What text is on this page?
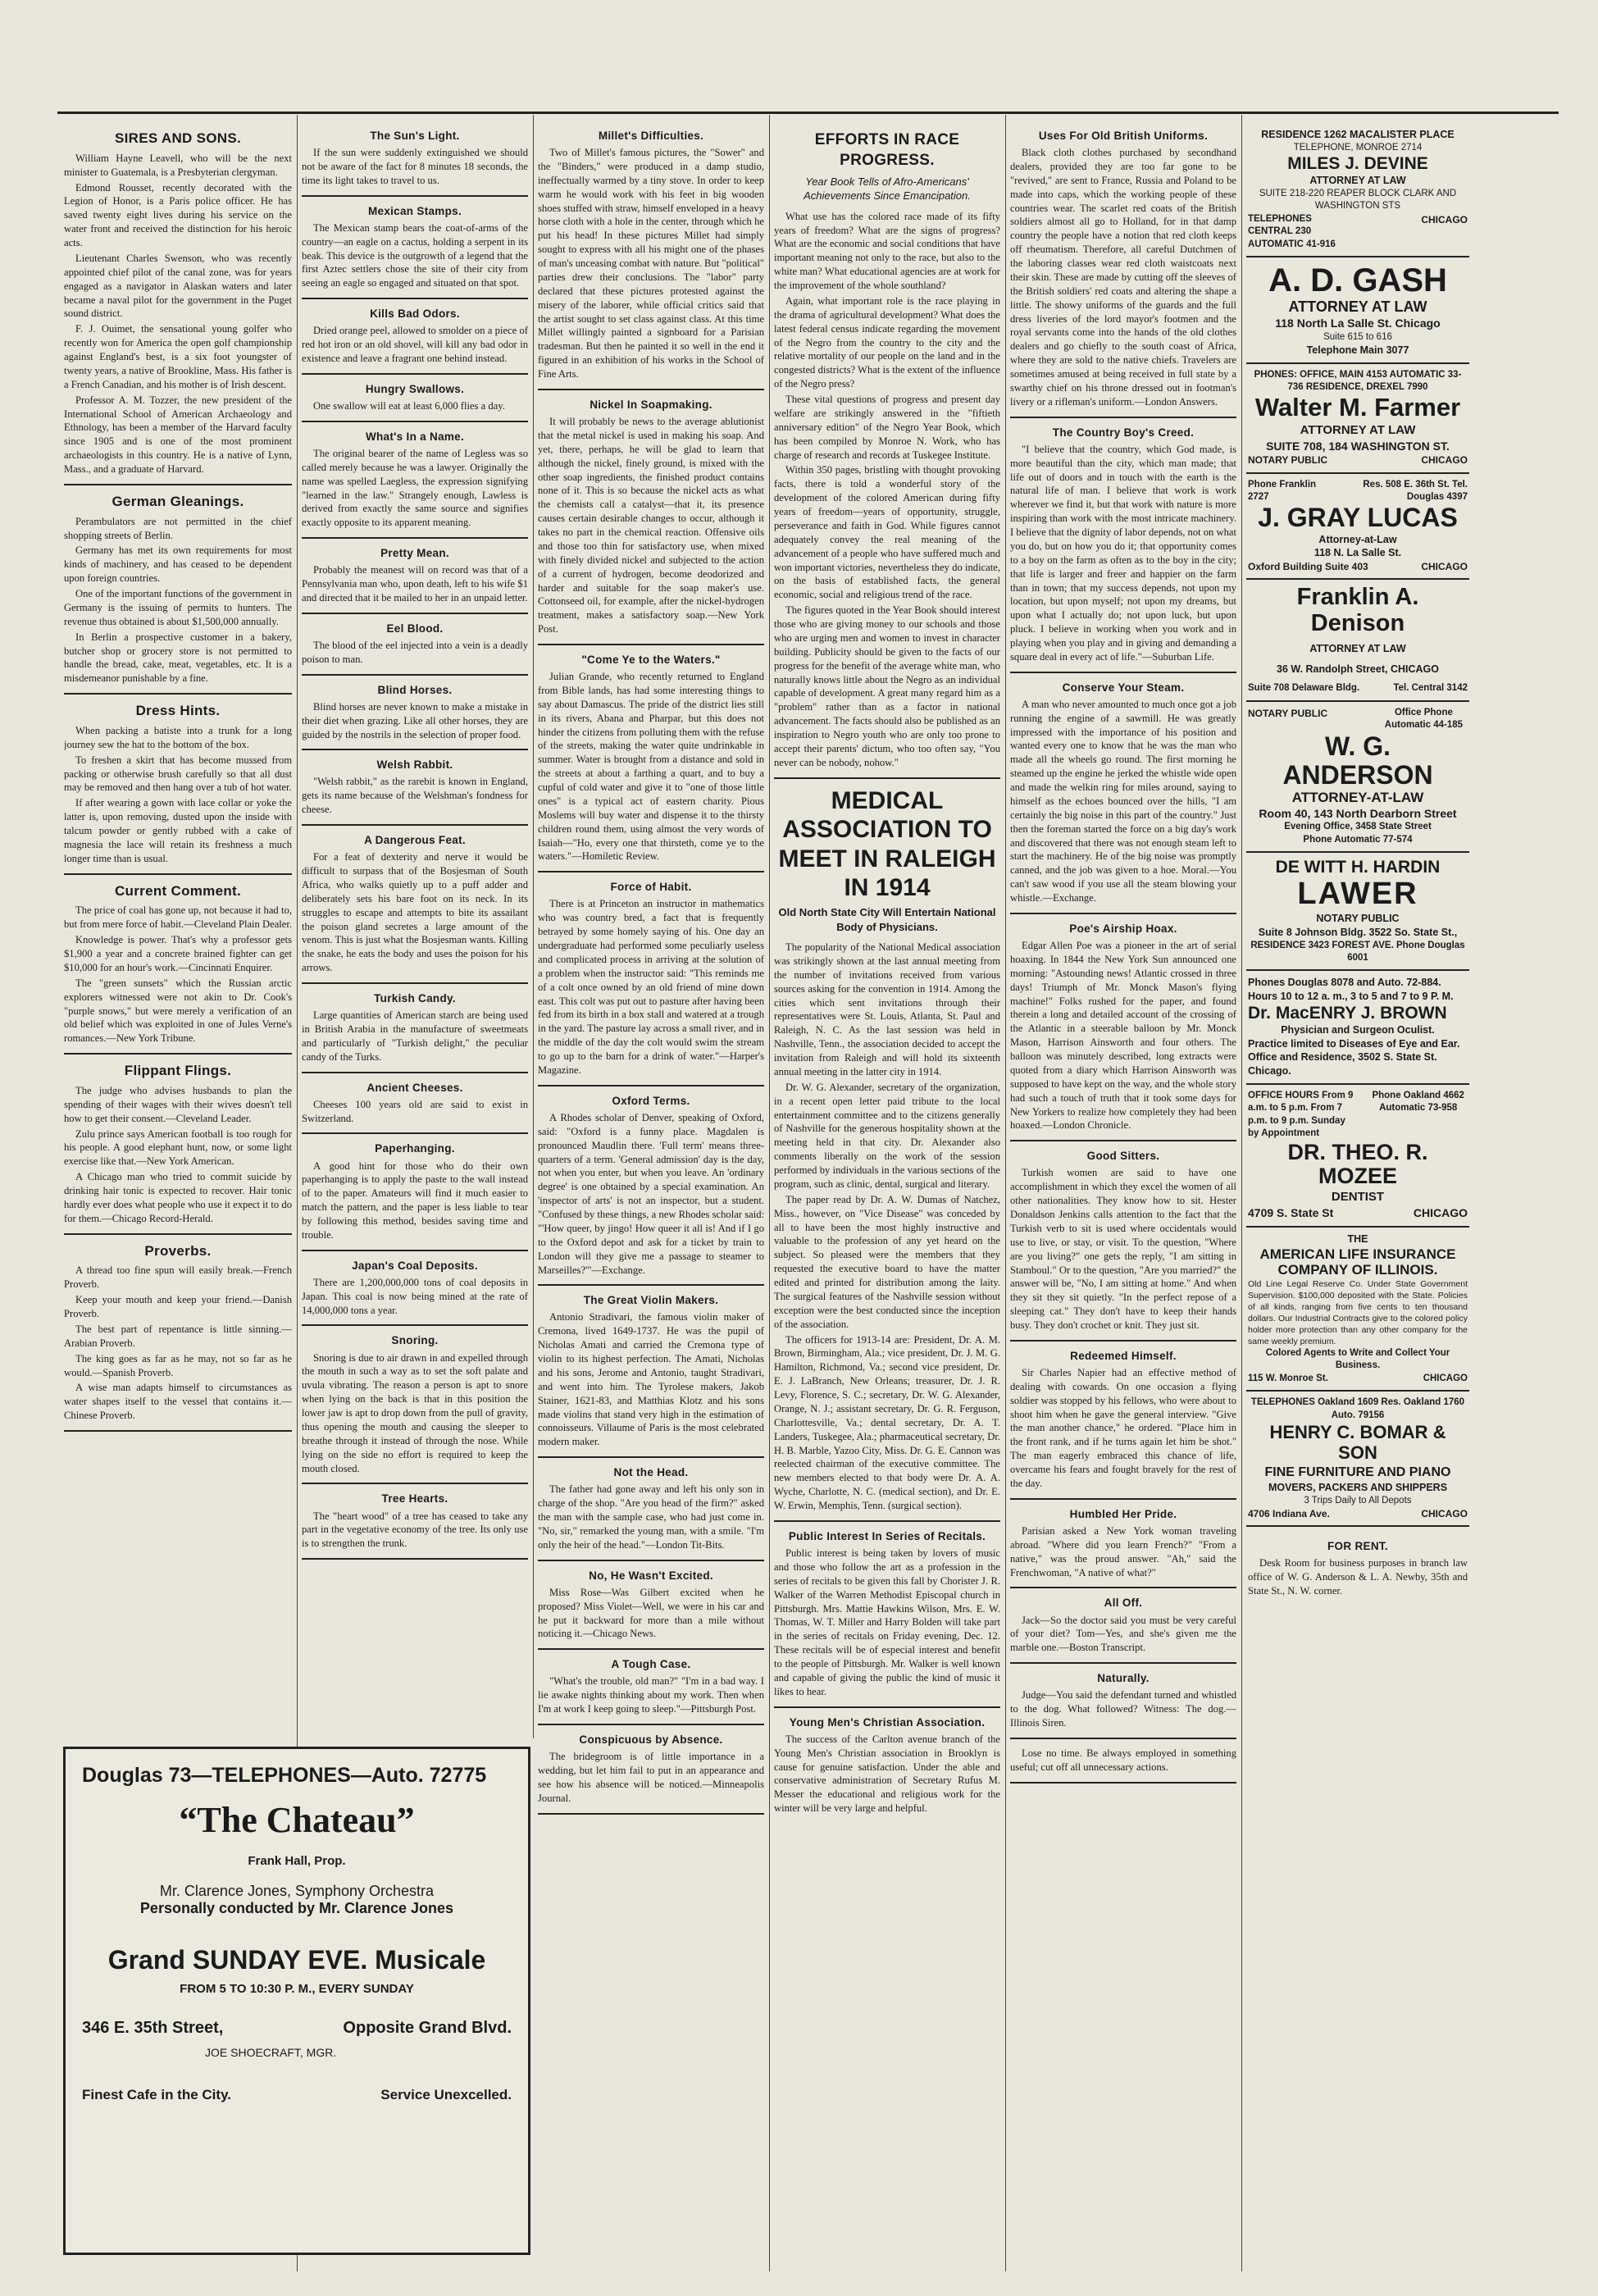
SIRES AND SONS.
William Hayne Leavell, who will be the next minister to Guatemala, is a Presbyterian clergyman.
Edmond Rousset, recently decorated with the Legion of Honor, is a Paris police officer. He has saved twenty eight lives during his service on the water front and received the distinction for his heroic acts.
Lieutenant Charles Swenson, who was recently appointed chief pilot of the canal zone, was for years engaged as a navigator in Alaskan waters and later became a naval pilot for the government in the Puget sound district.
F. J. Ouimet, the sensational young golfer who recently won for America the open golf championship against England's best, is a six foot youngster of twenty years, a native of Brookline, Mass. His father is a French Canadian, and his mother is of Irish descent.
Professor A. M. Tozzer, the new president of the International School of American Archaeology and Ethnology, has been a member of the Harvard faculty since 1905 and is one of the most prominent archaeologists in this country. He is a native of Lynn, Mass., and a graduate of Harvard.
German Gleanings.
Perambulators are not permitted in the chief shopping streets of Berlin.
Germany has met its own requirements for most kinds of machinery, and has ceased to be dependent upon foreign countries.
One of the important functions of the government in Germany is the issuing of permits to hunters. The revenue thus obtained is about $1,500,000 annually.
In Berlin a prospective customer in a bakery, butcher shop or grocery store is not permitted to handle the bread, cake, meat, vegetables, etc. It is a misdemeanor punishable by a fine.
Dress Hints.
When packing a batiste into a trunk for a long journey sew the hat to the bottom of the box.
To freshen a skirt that has become mussed from packing or otherwise brush carefully so that all dust may be removed and then hang over a tub of hot water.
If after wearing a gown with lace collar or yoke the latter is, upon removing, dusted upon the inside with talcum powder or gently rubbed with a cake of magnesia the lace will retain its freshness a much longer time than is usual.
Current Comment.
The price of coal has gone up, not because it had to, but from mere force of habit.—Cleveland Plain Dealer.
Knowledge is power. That's why a professor gets $1,900 a year and a concrete brained fighter can get $10,000 for an hour's work.—Cincinnati Enquirer.
The "green sunsets" which the Russian arctic explorers witnessed were not akin to Dr. Cook's "purple snows," but were merely a verification of an old belief which was exploited in one of Jules Verne's romances.—New York Tribune.
Flippant Flings.
The judge who advises husbands to plan the spending of their wages with their wives doesn't tell how to get their consent.—Cleveland Leader.
Zulu prince says American football is too rough for his people. A good elephant hunt, now, or some light exercise like that.—New York American.
A Chicago man who tried to commit suicide by drinking hair tonic is expected to recover. Hair tonic hardly ever does what people who use it expect it to do for them.—Chicago Record-Herald.
Proverbs.
A thread too fine spun will easily break.—French Proverb.
Keep your mouth and keep your friend.—Danish Proverb.
The best part of repentance is little sinning.—Arabian Proverb.
The king goes as far as he may, not so far as he would.—Spanish Proverb.
A wise man adapts himself to circumstances as water shapes itself to the vessel that contains it.—Chinese Proverb.
Douglas 73—TELEPHONES—Auto. 72775
“The Chateau”
Frank Hall, Prop.
Mr. Clarence Jones, Symphony Orchestra
Personally conducted by Mr. Clarence Jones
Grand SUNDAY EVE. Musicale
FROM 5 TO 10:30 P. M., EVERY SUNDAY
346 E. 35th Street,	Opposite Grand Blvd.
JOE SHOECRAFT, MGR.
Finest Cafe in the City.	Service Unexcelled.
The Sun's Light.
If the sun were suddenly extinguished we should not be aware of the fact for 8 minutes 18 seconds, the time its light takes to travel to us.
Mexican Stamps.
The Mexican stamp bears the coat-of-arms of the country—an eagle on a cactus, holding a serpent in its beak. This device is the outgrowth of a legend that the first Aztec settlers chose the site of their city from seeing an eagle so engaged and situated on that spot.
Kills Bad Odors.
Dried orange peel, allowed to smolder on a piece of red hot iron or an old shovel, will kill any bad odor in existence and leave a fragrant one behind instead.
Hungry Swallows.
One swallow will eat at least 6,000 flies a day.
What's In a Name.
The original bearer of the name of Legless was so called merely because he was a lawyer. Originally the name was spelled Laegless, the expression signifying "learned in the law." Strangely enough, Lawless is derived from exactly the same source and signifies exactly opposite to its apparent meaning.
Pretty Mean.
Probably the meanest will on record was that of a Pennsylvania man who, upon death, left to his wife $1 and directed that it be mailed to her in an unpaid letter.
Eel Blood.
The blood of the eel injected into a vein is a deadly poison to man.
Blind Horses.
Blind horses are never known to make a mistake in their diet when grazing. Like all other horses, they are guided by the nostrils in the selection of proper food.
Welsh Rabbit.
"Welsh rabbit," as the rarebit is known in England, gets its name because of the Welshman's fondness for cheese.
A Dangerous Feat.
For a feat of dexterity and nerve it would be difficult to surpass that of the Bosjesman of South Africa, who walks quietly up to a puff adder and deliberately sets his bare foot on its neck. In its struggles to escape and attempts to bite its assailant the poison gland secretes a large amount of the venom. This is just what the Bosjesman wants. Killing the snake, he eats the body and uses the poison for his arrows.
Turkish Candy.
Large quantities of American starch are being used in British Arabia in the manufacture of sweetmeats and particularly of "Turkish delight," the peculiar candy of the Turks.
Ancient Cheeses.
Cheeses 100 years old are said to exist in Switzerland.
Paperhanging.
A good hint for those who do their own paperhanging is to apply the paste to the wall instead of to the paper. Amateurs will find it much easier to match the pattern, and the paper is less liable to tear by following this method, besides saving time and trouble.
Japan's Coal Deposits.
There are 1,200,000,000 tons of coal deposits in Japan. This coal is now being mined at the rate of 14,000,000 tons a year.
Snoring.
Snoring is due to air drawn in and expelled through the mouth in such a way as to set the soft palate and uvula vibrating. The reason a person is apt to snore when lying on the back is that in this position the lower jaw is apt to drop down from the pull of gravity, thus opening the mouth and causing the sleeper to breathe through it instead of through the nose. While lying on the side no effort is required to keep the mouth closed.
Tree Hearts.
The "heart wood" of a tree has ceased to take any part in the vegetative economy of the tree. Its only use is to strengthen the trunk.
Millet's Difficulties.
Two of Millet's famous pictures, the "Sower" and the "Binders," were produced in a damp studio, ineffectually warmed by a tiny stove. In order to keep warm he would work with his feet in big wooden shoes stuffed with straw, himself enveloped in a heavy horse cloth with a hole in the center, through which he put his head! In these pictures Millet had simply sought to express with all his might one of the phases of man's unceasing combat with nature. But "political" parties drew their conclusions. The "labor" party declared that these pictures protested against the misery of the laborer, while official critics said that the artist sought to set class against class. At this time Millet willingly painted a signboard for a Parisian tradesman. But then he painted it so well in the end it figured in an exhibition of his works in the School of Fine Arts.
Nickel In Soapmaking.
It will probably be news to the average ablutionist that the metal nickel is used in making his soap. And yet, there, perhaps, he will be glad to learn that although the nickel, finely ground, is mixed with the other soap ingredients, the finished product contains none of it. This is so because the nickel acts as what the chemists call a catalyst—that it, its presence causes certain desirable changes to occur, although it takes no part in the chemical reaction. Offensive oils and those too thin for satisfactory use, when mixed with finely divided nickel and subjected to the action of a current of hydrogen, become deodorized and harder and suitable for the soap maker's use. Cottonseed oil, for example, after the nickel-hydrogen treatment, makes a satisfactory soap.—New York Post.
"Come Ye to the Waters."
Julian Grande, who recently returned to England from Bible lands, has had some interesting things to say about Damascus. The pride of the district lies still in its rivers, Abana and Pharpar, but this does not hinder the citizens from polluting them with the refuse of the streets, making the water quite undrinkable in summer. Water is brought from a distance and sold in the streets at about a farthing a quart, and to buy a cupful of cold water and give it to "one of those little ones" is a typical act of eastern charity. Pious Moslems will buy water and dispense it to the thirsty children round them, using almost the very words of Isaiah—"Ho, every one that thirsteth, come ye to the waters."—Homiletic Review.
Force of Habit.
There is at Princeton an instructor in mathematics who was country bred, a fact that is frequently betrayed by some homely saying of his. One day an undergraduate had performed some peculiarly useless and complicated process in arriving at the solution of a problem when the instructor said: "This reminds me of a colt once owned by an old friend of mine down east. This colt was put out to pasture after having been fed from its birth in a box stall and watered at a trough in the yard. The pasture lay across a small river, and in the middle of the day the colt would swim the stream to go up to the barn for a drink of water."—Harper's Magazine.
Oxford Terms.
A Rhodes scholar of Denver, speaking of Oxford, said: "Oxford is a funny place. Magdalen is pronounced Maudlin there. 'Full term' means three-quarters of a term. 'General admission' day is the day, not when you enter, but when you leave. An 'ordinary degree' is one obtained by a special examination. An 'inspector of arts' is not an inspector, but a student. "Confused by these things, a new Rhodes scholar said: "'How queer, by jingo! How queer it all is! And if I go to the Oxford depot and ask for a ticket by train to London will they give me a passage to steamer to Marseilles?'"—Exchange.
The Great Violin Makers.
Antonio Stradivari, the famous violin maker of Cremona, lived 1649-1737. He was the pupil of Nicholas Amati and carried the Cremona type of violin to its highest perfection. The Amati, Nicholas and his sons, Jerome and Antonio, taught Stradivari, and went into him. The Tyrolese makers, Jakob Stainer, 1621-83, and Matthias Klotz and his sons made violins that stand very high in the estimation of connoisseurs. Villaume of Paris is the most celebrated modern maker.
Not the Head.
The father had gone away and left his only son in charge of the shop. "Are you head of the firm?" asked the man with the sample case, who had just come in. "No, sir," remarked the young man, with a smile. "I'm only the heir of the head."—London Tit-Bits.
No, He Wasn't Excited.
Miss Rose—Was Gilbert excited when he proposed? Miss Violet—Well, we were in his car and he put it backward for more than a mile without noticing it.—Chicago News.
A Tough Case.
"What's the trouble, old man?" "I'm in a bad way. I lie awake nights thinking about my work. Then when I'm at work I keep going to sleep."—Pittsburgh Post.
Conspicuous by Absence.
The bridegroom is of little importance in a wedding, but let him fail to put in an appearance and see how his absence will be noticed.—Minneapolis Journal.
EFFORTS IN RACE PROGRESS.
Year Book Tells of Afro-Americans' Achievements Since Emancipation.
What use has the colored race made of its fifty years of freedom? What are the signs of progress? What are the economic and social conditions that have important meaning not only to the race, but also to the white man? What educational agencies are at work for the improvement of the whole southland?
Again, what important role is the race playing in the drama of agricultural development? What does the latest federal census indicate regarding the movement of the Negro from the country to the city and the relative mortality of our people on the land and in the congested districts? What is the extent of the influence of the Negro press?
These vital questions of progress and present day welfare are strikingly answered in the "fiftieth anniversary edition" of the Negro Year Book, which has been compiled by Monroe N. Work, who has charge of research and records at Tuskegee Institute.
Within 350 pages, bristling with thought provoking facts, there is told a wonderful story of the development of the colored American during fifty years of freedom—years of opportunity, struggle, perseverance and faith in God. While figures cannot adequately convey the real meaning of the advancement of a people who have suffered much and won important victories, nevertheless they do indicate, on the basis of established facts, the general economic, social and religious trend of the race.
The figures quoted in the Year Book should interest those who are giving money to our schools and those who are urging men and women to invest in character building. Publicity should be given to the facts of our progress for the benefit of the average white man, who naturally knows little about the Negro as an individual capable of development. A great many regard him as a "problem" rather than as a factor in national advancement. The facts should also be published as an inspiration to Negro youth who are only too prone to accept their parents' dictum, who too often say, "You never can be nobody, nohow."
MEDICAL ASSOCIATION TO MEET IN RALEIGH IN 1914
Old North State City Will Entertain National Body of Physicians.
The popularity of the National Medical association was strikingly shown at the last annual meeting from the number of invitations received from various sources asking for the convention in 1914. Among the cities which sent invitations through their representatives were St. Louis, Atlanta, St. Paul and Raleigh, N. C. As the last session was held in Nashville, Tenn., the association decided to accept the invitation from Raleigh and will hold its sixteenth annual meeting in the latter city in 1914.
Dr. W. G. Alexander, secretary of the organization, in a recent open letter paid tribute to the local entertainment committee and to the citizens generally of Nashville for the generous hospitality shown at the meeting held in that city. Dr. Alexander also comments liberally on the work of the session performed by individuals in the various sections of the program, such as clinic, dental, surgical and literary.
The paper read by Dr. A. W. Dumas of Natchez, Miss., however, on "Vice Disease" was conceded by all to have been the most highly instructive and valuable to the profession of any yet heard on the subject. So pleased were the members that they requested the executive board to have the matter edited and printed for distribution among the laity. The surgical features of the Nashville session without exception were the best conducted since the inception of the association.
The officers for 1913-14 are: President, Dr. A. M. Brown, Birmingham, Ala.; vice president, Dr. J. M. G. Hamilton, Richmond, Va.; second vice president, Dr. E. J. LaBranch, New Orleans; treasurer, Dr. J. R. Levy, Florence, S. C.; secretary, Dr. W. G. Alexander, Orange, N. J.; assistant secretary, Dr. G. R. Ferguson, Charlottesville, Va.; dental secretary, Dr. A. T. Landers, Tuskegee, Ala.; pharmaceutical secretary, Dr. H. B. Marble, Yazoo City, Miss. Dr. G. E. Cannon was reelected chairman of the executive committee. The new members elected to that body were Dr. A. A. Wyche, Charlotte, N. C. (medical section), and Dr. E. W. Erwin, Memphis, Tenn. (surgical section).
Public Interest In Series of Recitals.
Public interest is being taken by lovers of music and those who follow the art as a profession in the series of recitals to be given this fall by Chorister J. R. Walker of the Warren Methodist Episcopal church in Pittsburgh. Mrs. Mattie Hawkins Wilson, Mrs. E. W. Thomas, W. T. Miller and Harry Bolden will take part in the series of recitals on Friday evening, Dec. 12. These recitals will be of especial interest and benefit to the people of Pittsburgh. Mr. Walker is well known and capable of giving the public the kind of music it likes to hear.
Young Men's Christian Association.
The success of the Carlton avenue branch of the Young Men's Christian association in Brooklyn is cause for genuine satisfaction. Under the able and conservative administration of Secretary Rufus M. Messer the educational and religious work for the winter will be very large and helpful.
Uses For Old British Uniforms.
Black cloth clothes purchased by secondhand dealers, provided they are too far gone to be "revived," are sent to France, Russia and Poland to be made into caps, which the working people of these countries wear. The scarlet red coats of the British soldiers almost all go to Holland, for in that damp country the people have a notion that red cloth keeps off rheumatism. Therefore, all careful Dutchmen of the laboring classes wear red cloth waistcoats next their skin. These are made by cutting off the sleeves of the British soldiers' red coats and altering the shape a little. The showy uniforms of the guards and the full dress liveries of the lord mayor's footmen and the royal servants come into the hands of the old clothes dealers and go chiefly to the south coast of Africa, where they are sold to the native chiefs. Travelers are sometimes amused at being received in full state by a swarthy chief on his throne dressed out in footman's livery or a rifleman's uniform.—London Answers.
The Country Boy's Creed.
"I believe that the country, which God made, is more beautiful than the city, which man made; that life out of doors and in touch with the earth is the natural life of man. I believe that work is work wherever we find it, but that work with nature is more inspiring than work with the most intricate machinery. I believe that the dignity of labor depends, not on what you do, but on how you do it; that opportunity comes to a boy on the farm as often as to the boy in the city; that life is larger and freer and happier on the farm than in town; that my success depends, not upon my location, but upon myself; not upon my dreams, but upon what I actually do; not upon luck, but upon pluck. I believe in working when you work and in playing when you play and in giving and demanding a square deal in every act of life."—Suburban Life.
Conserve Your Steam.
A man who never amounted to much once got a job running the engine of a sawmill. He was greatly impressed with the importance of his position and wanted every one to know that he was the man who made all the wheels go round. The first morning he steamed up the engine he jerked the whistle wide open and made the welkin ring for miles around, saying to himself as the echoes bounced over the hills, "I am certainly the big noise in this part of the country." Just then the foreman started the force on a big day's work and discovered that there was not enough steam left to start the machinery. He of the big noise was promptly canned, and the job was given to a hoe. Moral.—You can't saw wood if you use all the steam blowing your whistle.—Exchange.
Poe's Airship Hoax.
Edgar Allen Poe was a pioneer in the art of serial hoaxing. In 1844 the New York Sun announced one morning: "Astounding news! Atlantic crossed in three days! Triumph of Mr. Monck Mason's flying machine!" Folks rushed for the paper, and found therein a long and detailed account of the crossing of the Atlantic in a steerable balloon by Mr. Monck Mason, Harrison Ainsworth and four others. The balloon was minutely described, long extracts were quoted from a diary which Harrison Ainsworth was supposed to have kept on the way, and the whole story had such a touch of truth that it took some days for New Yorkers to realize how completely they had been hoaxed.—London Chronicle.
Good Sitters.
Turkish women are said to have one accomplishment in which they excel the women of all other nationalities. They know how to sit. Hester Donaldson Jenkins calls attention to the fact that the Turkish verb to sit is used where occidentals would use to live, or stay, or visit. To the question, "Where are you living?" one gets the reply, "I am sitting in Stamboul." Or to the question, "Are you married?" the answer will be, "No, I am sitting at home." And when they sit they sit quietly. "In the perfect repose of a sleeping cat." They don't have to keep their hands busy. They don't crochet or knit. They just sit.
Redeemed Himself.
Sir Charles Napier had an effective method of dealing with cowards. On one occasion a flying soldier was stopped by his fellows, who were about to shoot him when he gave the general interview. "Give the man another chance," he ordered. "Place him in the front rank, and if he turns again let him be shot." The man eagerly embraced this chance of life, overcame his fears and fought bravely for the rest of the day.
Humbled Her Pride.
Parisian asked a New York woman traveling abroad. "Where did you learn French?" "From a native," was the proud answer. "Ah," said the Frenchwoman, "A native of what?"
All Off.
Jack—So the doctor said you must be very careful of your diet? Tom—Yes, and she's given me the marble one.—Boston Transcript.
Naturally.
Judge—You said the defendant turned and whistled to the dog. What followed? Witness: The dog.—Illinois Siren.
Lose no time. Be always employed in something useful; cut off all unnecessary actions.
RESIDENCE 1262 MACALISTER PLACE
TELEPHONE, MONROE 2714
MILES J. DEVINE
ATTORNEY AT LAW
SUITE 218-220 REAPER BLOCK CLARK AND WASHINGTON STS
TELEPHONES CENTRAL 230 AUTOMATIC 41-916
CHICAGO
A. D. GASH
ATTORNEY AT LAW
118 North La Salle St. Chicago
Suite 615 to 616
Telephone Main 3077
PHONES: OFFICE, MAIN 4153 AUTOMATIC 33-736 RESIDENCE, DREXEL 7990
Walter M. Farmer
ATTORNEY AT LAW
SUITE 708, 184 WASHINGTON ST.
NOTARY PUBLIC	CHICAGO
Phone Franklin 2727
Res. 508 E. 36th St. Tel. Douglas 4397
J. GRAY LUCAS
Attorney-at-Law
118 N. La Salle St.
Oxford Building Suite 403	CHICAGO
Franklin A. Denison
ATTORNEY AT LAW
36 W. Randolph Street, CHICAGO
Suite 708 Delaware Bldg.	Tel. Central 3142
NOTARY PUBLIC	Office Phone Automatic 44-185
W. G. ANDERSON
ATTORNEY-AT-LAW
Room 40, 143 North Dearborn Street
Evening Office, 3458 State Street
Phone Automatic 77-574
DE WITT H. HARDIN
LAWER
NOTARY PUBLIC
Suite 8 Johnson Bldg. 3522 So. State St.,
RESIDENCE 3423 FOREST AVE. Phone Douglas 6001
Phones Douglas 8078 and Auto. 72-884.
Hours 10 to 12 a. m., 3 to 5 and 7 to 9 P. M.
Dr. MacENRY J. BROWN
Physician and Surgeon Oculist.
Practice limited to Diseases of Eye and Ear.
Office and Residence, 3502 S. State St. Chicago.
OFFICE HOURS From 9 a.m. to 5 p.m. From 7 p.m. to 9 p.m. Sunday by Appointment
Phone Oakland 4662 Automatic 73-958
DR. THEO. R. MOZEE
DENTIST
4709 S. State St	CHICAGO
THE
AMERICAN LIFE INSURANCE COMPANY OF ILLINOIS.
Old Line Legal Reserve Co. Under State Government Supervision. $100,000 deposited with the State. Policies of all kinds, ranging from five cents to ten thousand dollars. Our Industrial Contracts give to the colored policy holder more protection than any other company for the same weekly premium.
Colored Agents to Write and Collect Your Business.
115 W. Monroe St.	CHICAGO
TELEPHONES Oakland 1609 Res. Oakland 1760 Auto. 79156
HENRY C. BOMAR & SON
FINE FURNITURE AND PIANO
MOVERS, PACKERS AND SHIPPERS
3 Trips Daily to All Depots
4706 Indiana Ave.	CHICAGO
FOR RENT.
Desk Room for business purposes in branch law office of W. G. Anderson & L. A. Newby, 35th and State St., N. W. corner.
